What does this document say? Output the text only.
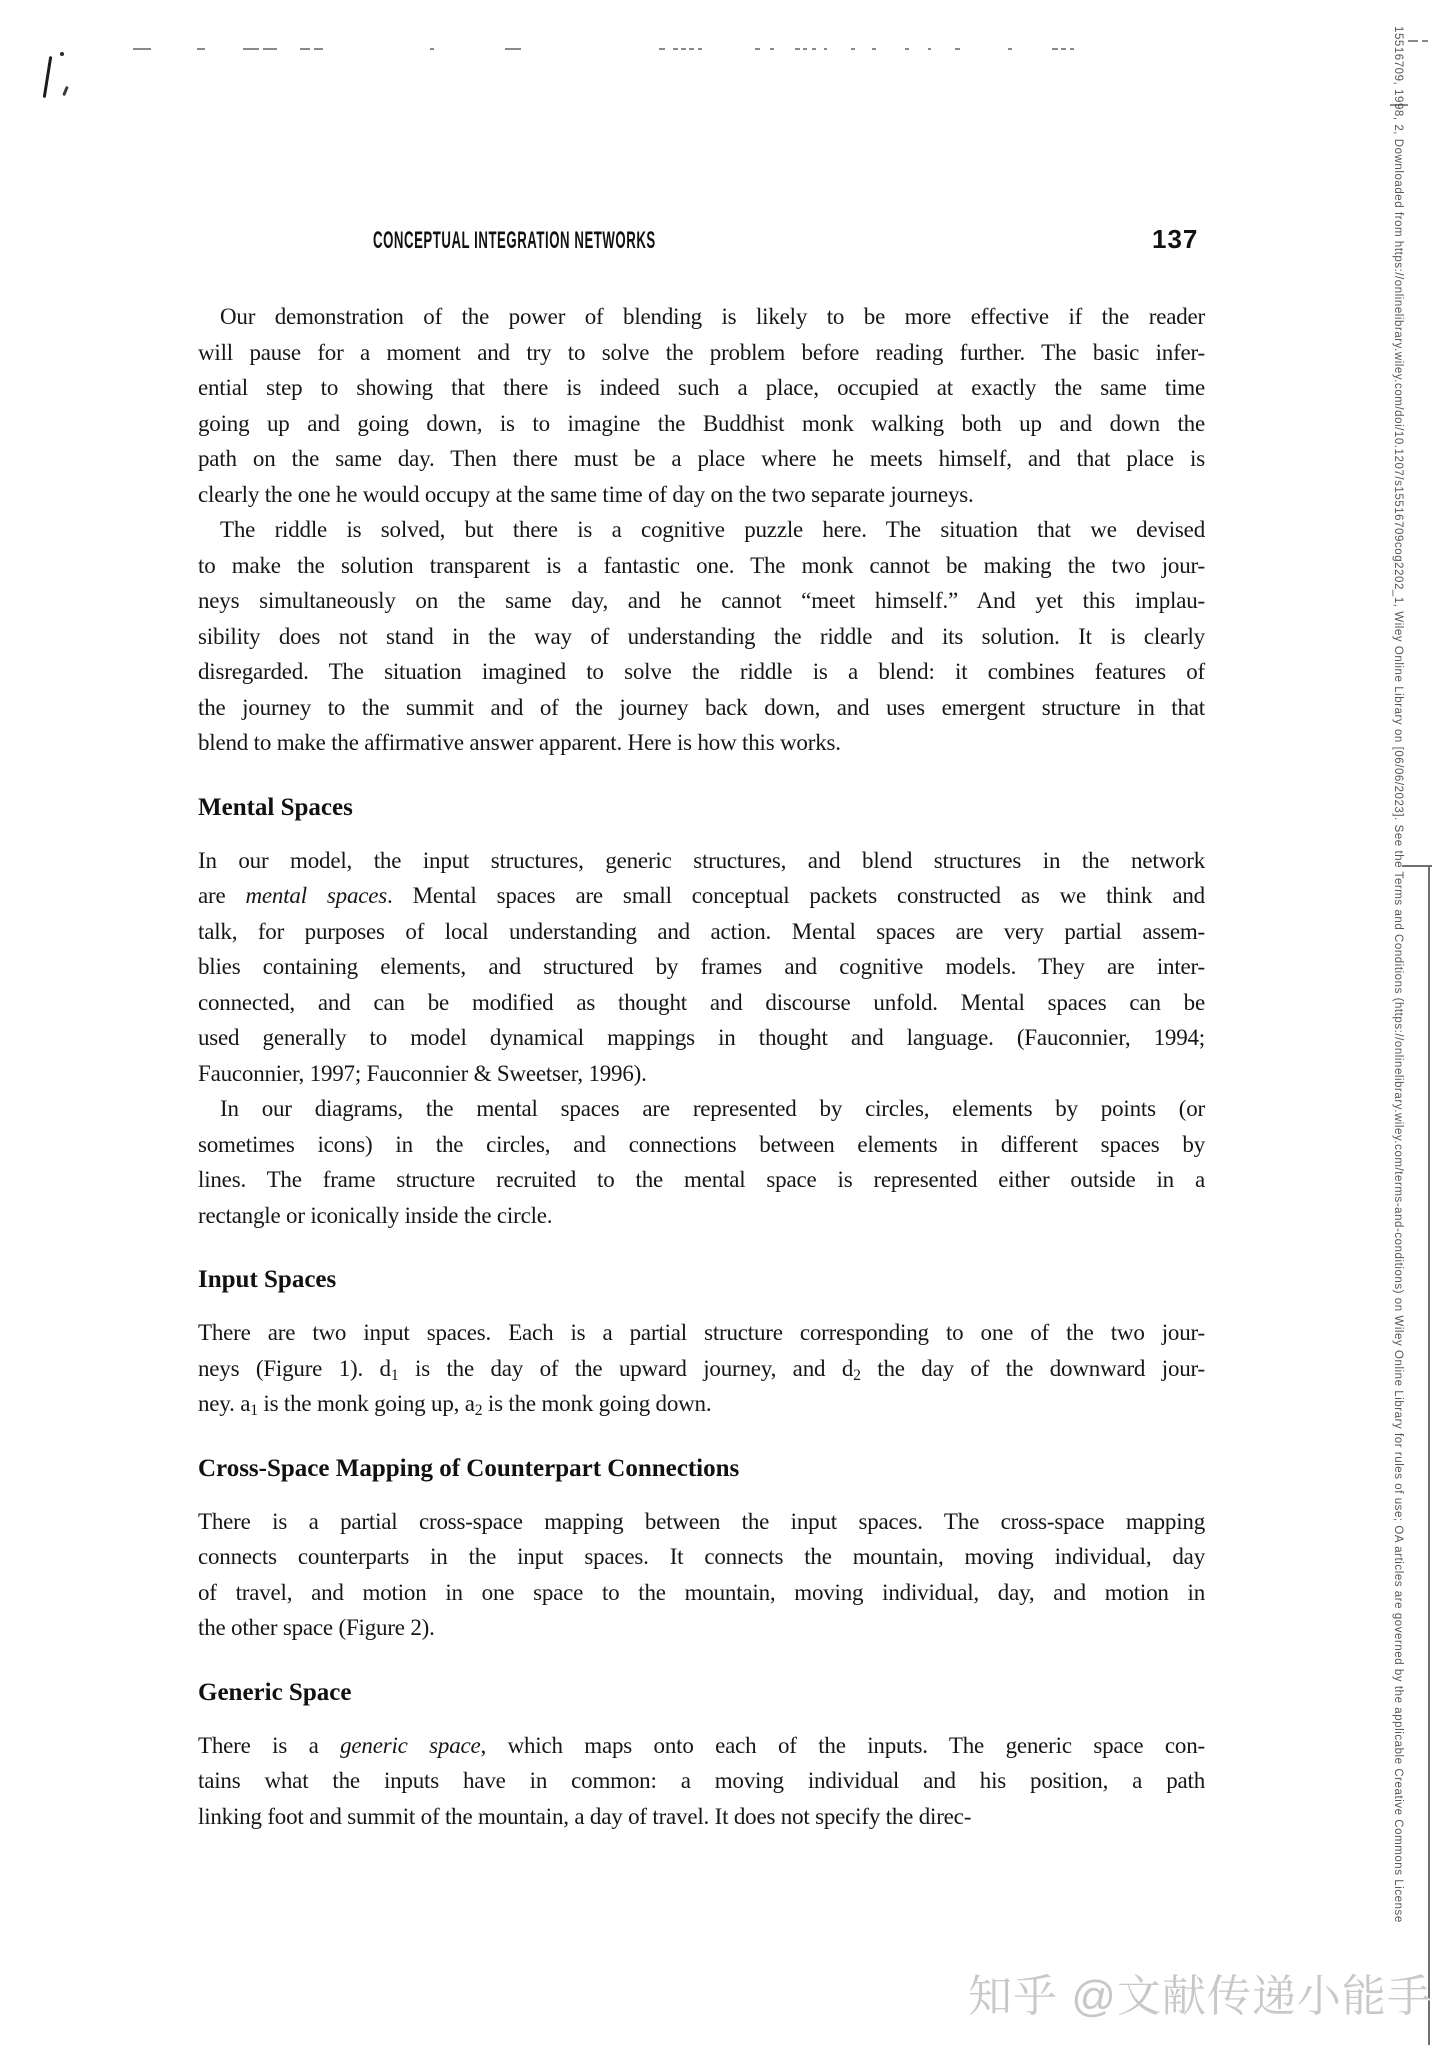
CONCEPTUAL INTEGRATION NETWORKS	137
Our demonstration of the power of blending is likely to be more effective if the reader
will pause for a moment and try to solve the problem before reading further. The basic infer-
ential step to showing that there is indeed such a place, occupied at exactly the same time
going up and going down, is to imagine the Buddhist monk walking both up and down the
path on the same day. Then there must be a place where he meets himself, and that place is
clearly the one he would occupy at the same time of day on the two separate journeys.
The riddle is solved, but there is a cognitive puzzle here. The situation that we devised
to make the solution transparent is a fantastic one. The monk cannot be making the two jour-
neys simultaneously on the same day, and he cannot “meet himself.” And yet this implau-
sibility does not stand in the way of understanding the riddle and its solution. It is clearly
disregarded. The situation imagined to solve the riddle is a blend: it combines features of
the journey to the summit and of the journey back down, and uses emergent structure in that
blend to make the affirmative answer apparent. Here is how this works.
Mental Spaces
In our model, the input structures, generic structures, and blend structures in the network
are mental spaces. Mental spaces are small conceptual packets constructed as we think and
talk, for purposes of local understanding and action. Mental spaces are very partial assem-
blies containing elements, and structured by frames and cognitive models. They are inter-
connected, and can be modified as thought and discourse unfold. Mental spaces can be
used generally to model dynamical mappings in thought and language. (Fauconnier, 1994;
Fauconnier, 1997; Fauconnier & Sweetser, 1996).
In our diagrams, the mental spaces are represented by circles, elements by points (or
sometimes icons) in the circles, and connections between elements in different spaces by
lines. The frame structure recruited to the mental space is represented either outside in a
rectangle or iconically inside the circle.
Input Spaces
There are two input spaces. Each is a partial structure corresponding to one of the two jour-
neys (Figure 1). $d_1$ is the day of the upward journey, and $d_2$ the day of the downward jour-
ney. $a_1$ is the monk going up, $a_2$ is the monk going down.
Cross-Space Mapping of Counterpart Connections
There is a partial cross-space mapping between the input spaces. The cross-space mapping
connects counterparts in the input spaces. It connects the mountain, moving individual, day
of travel, and motion in one space to the mountain, moving individual, day, and motion in
the other space (Figure 2).
Generic Space
There is a generic space, which maps onto each of the inputs. The generic space con-
tains what the inputs have in common: a moving individual and his position, a path
linking foot and summit of the mountain, a day of travel. It does not specify the direc-	15516709, 1998, 2, Downloaded from https://onlinelibrary.wiley.com/doi/10.1207/s15516709cog2202_1, Wiley Online Library on [06/06/2023]. See the Terms and Conditions (https://onlinelibrary.wiley.com/terms-and-conditions) on Wiley Online Library for rules of use; OA articles are governed by the applicable Creative Commons License
知乎 @文献传递小能手
